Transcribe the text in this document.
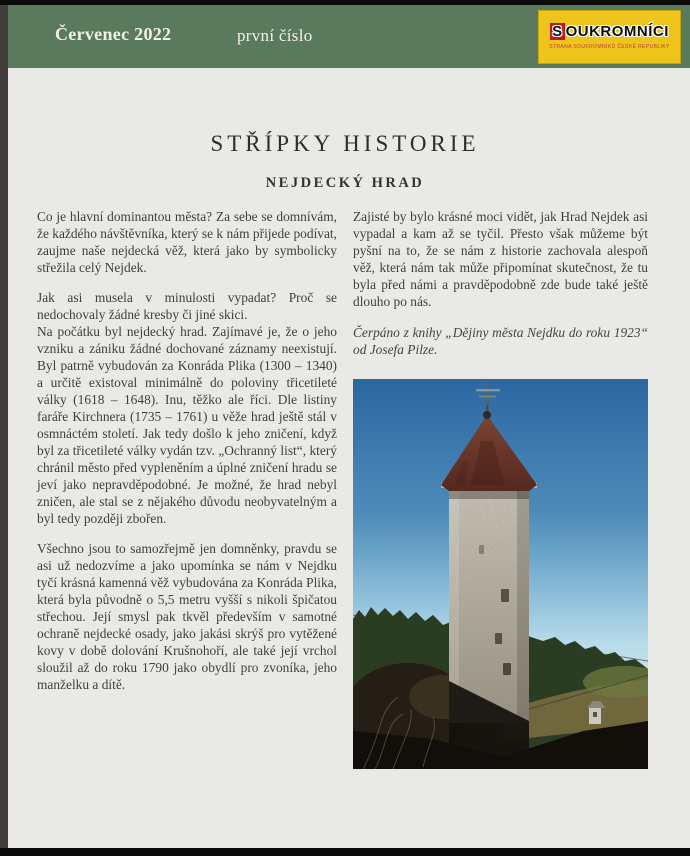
Červenec 2022	první číslo	S OUKROMNÍCI
STRANA SOUKROMNÍKŮ ČESKÉ REPUBLIKY
STŘÍPKY HISTORIE
NEJDECKÝ HRAD

Co je hlavní dominantou města? Za sebe se domnívám, že každého návštěvníka, který se k nám přijede podívat, zaujme naše nejdecká věž, která jako by symbolicky střežila celý Nejdek.

Jak asi musela v minulosti vypadat? Proč se nedochovaly žádné kresby či jiné skici.

Na počátku byl nejdecký hrad. Zajímavé je, že o jeho vzniku a zániku žádné dochované záznamy neexistují. Byl patrně vybudován za Konráda Plika (1300 – 1340) a určitě existoval minimálně do poloviny třicetileté války (1618 – 1648). Inu, těžko ale říci. Dle listiny faráře Kirchnera (1735 – 1761) u věže hrad ještě stál v osmnáctém století. Jak tedy došlo k jeho zničení, když byl za třicetileté války vydán tzv. „Ochranný list“, který chránil město před vypleněním a úplné zničení hradu se jeví jako nepravděpodobné. Je možné, že hrad nebyl zničen, ale stal se z nějakého důvodu neobyvatelným a byl tedy později zbořen.

Všechno jsou to samozřejmě jen domněnky, pravdu se asi už nedozvíme a jako upomínka se nám v Nejdku tyčí krásná kamenná věž vybudována za Konráda Plika, která byla původně o 5,5 metru vyšší s nikoli špičatou střechou. Její smysl pak tkvěl především v samotné ochraně nejdecké osady, jako jakási skrýš pro vytěžené kovy v době dolování Krušnohoří, ale také její vrchol sloužil až do roku 1790 jako obydlí pro zvoníka, jeho manželku a dítě.

Zajisté by bylo krásné moci vidět, jak Hrad Nejdek asi vypadal a kam až se tyčil. Přesto však můžeme být pyšní na to, že se nám z historie zachovala alespoň věž, která nám tak může připomínat skutečnost, že tu byla před námi a pravděpodobně zde bude také ještě dlouho po nás.

Čerpáno z knihy „Dějiny města Nejdku do roku 1923“ od Josefa Pilze.
